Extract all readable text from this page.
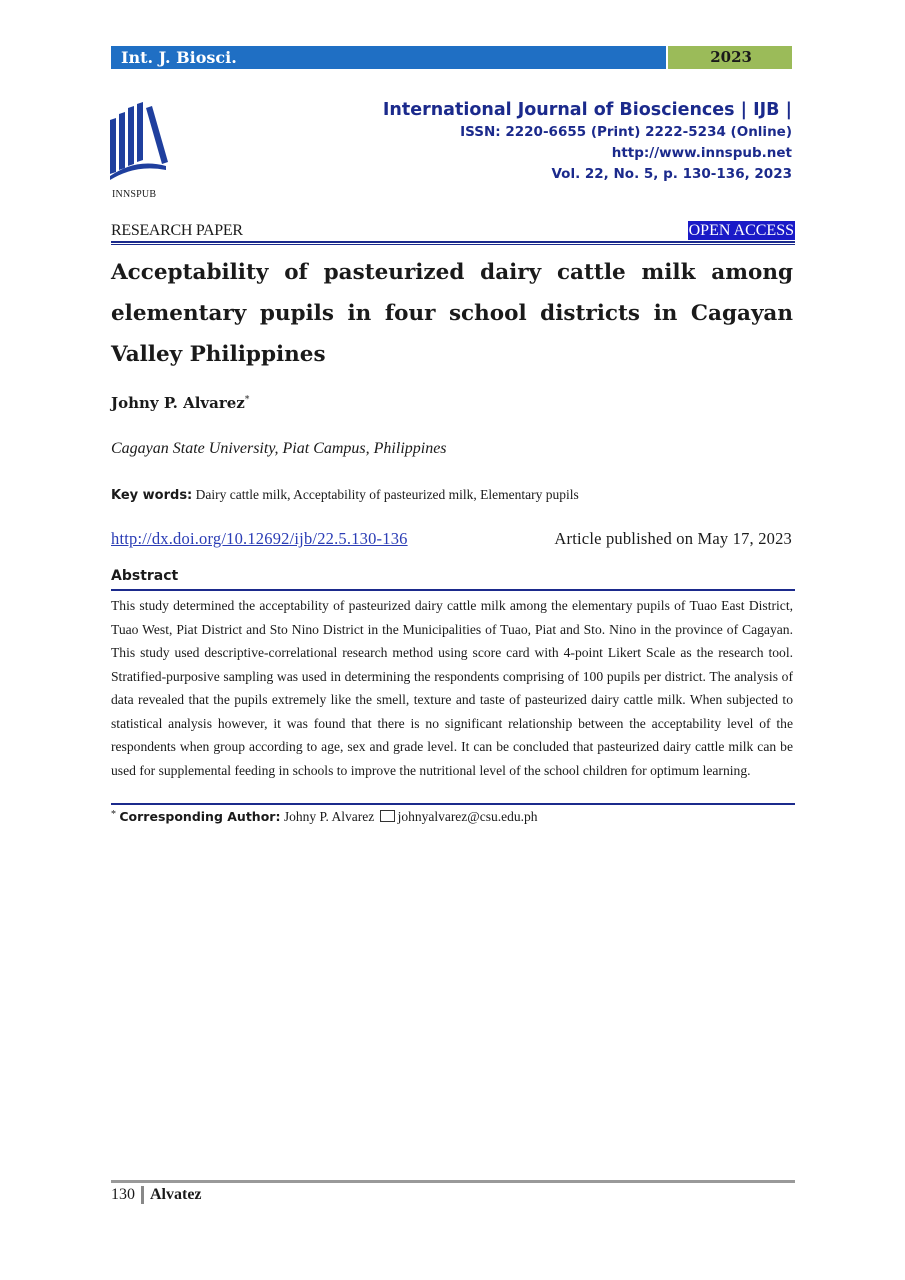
Int. J. Biosci.	2023
INNSPUB
International Journal of Biosciences | IJB |
ISSN: 2220-6655 (Print) 2222-5234 (Online)
http://www.innspub.net
Vol. 22, No. 5, p. 130-136, 2023
RESEARCH PAPER	OPEN ACCESS
Acceptability of pasteurized dairy cattle milk among elementary pupils in four school districts in Cagayan Valley Philippines
Johny P. Alvarez*
Cagayan State University, Piat Campus, Philippines
Key words: Dairy cattle milk, Acceptability of pasteurized milk, Elementary pupils
http://dx.doi.org/10.12692/ijb/22.5.130-136	Article published on May 17, 2023
Abstract
This study determined the acceptability of pasteurized dairy cattle milk among the elementary pupils of Tuao East District, Tuao West, Piat District and Sto Nino District in the Municipalities of Tuao, Piat and Sto. Nino in the province of Cagayan. This study used descriptive-correlational research method using score card with 4-point Likert Scale as the research tool. Stratified-purposive sampling was used in determining the respondents comprising of 100 pupils per district. The analysis of data revealed that the pupils extremely like the smell, texture and taste of pasteurized dairy cattle milk. When subjected to statistical analysis however, it was found that there is no significant relationship between the acceptability level of the respondents when group according to age, sex and grade level. It can be concluded that pasteurized dairy cattle milk can be used for supplemental feeding in schools to improve the nutritional level of the school children for optimum learning.
* Corresponding Author: Johny P. Alvarez johnyalvarez@csu.edu.ph
130 Alvatez
